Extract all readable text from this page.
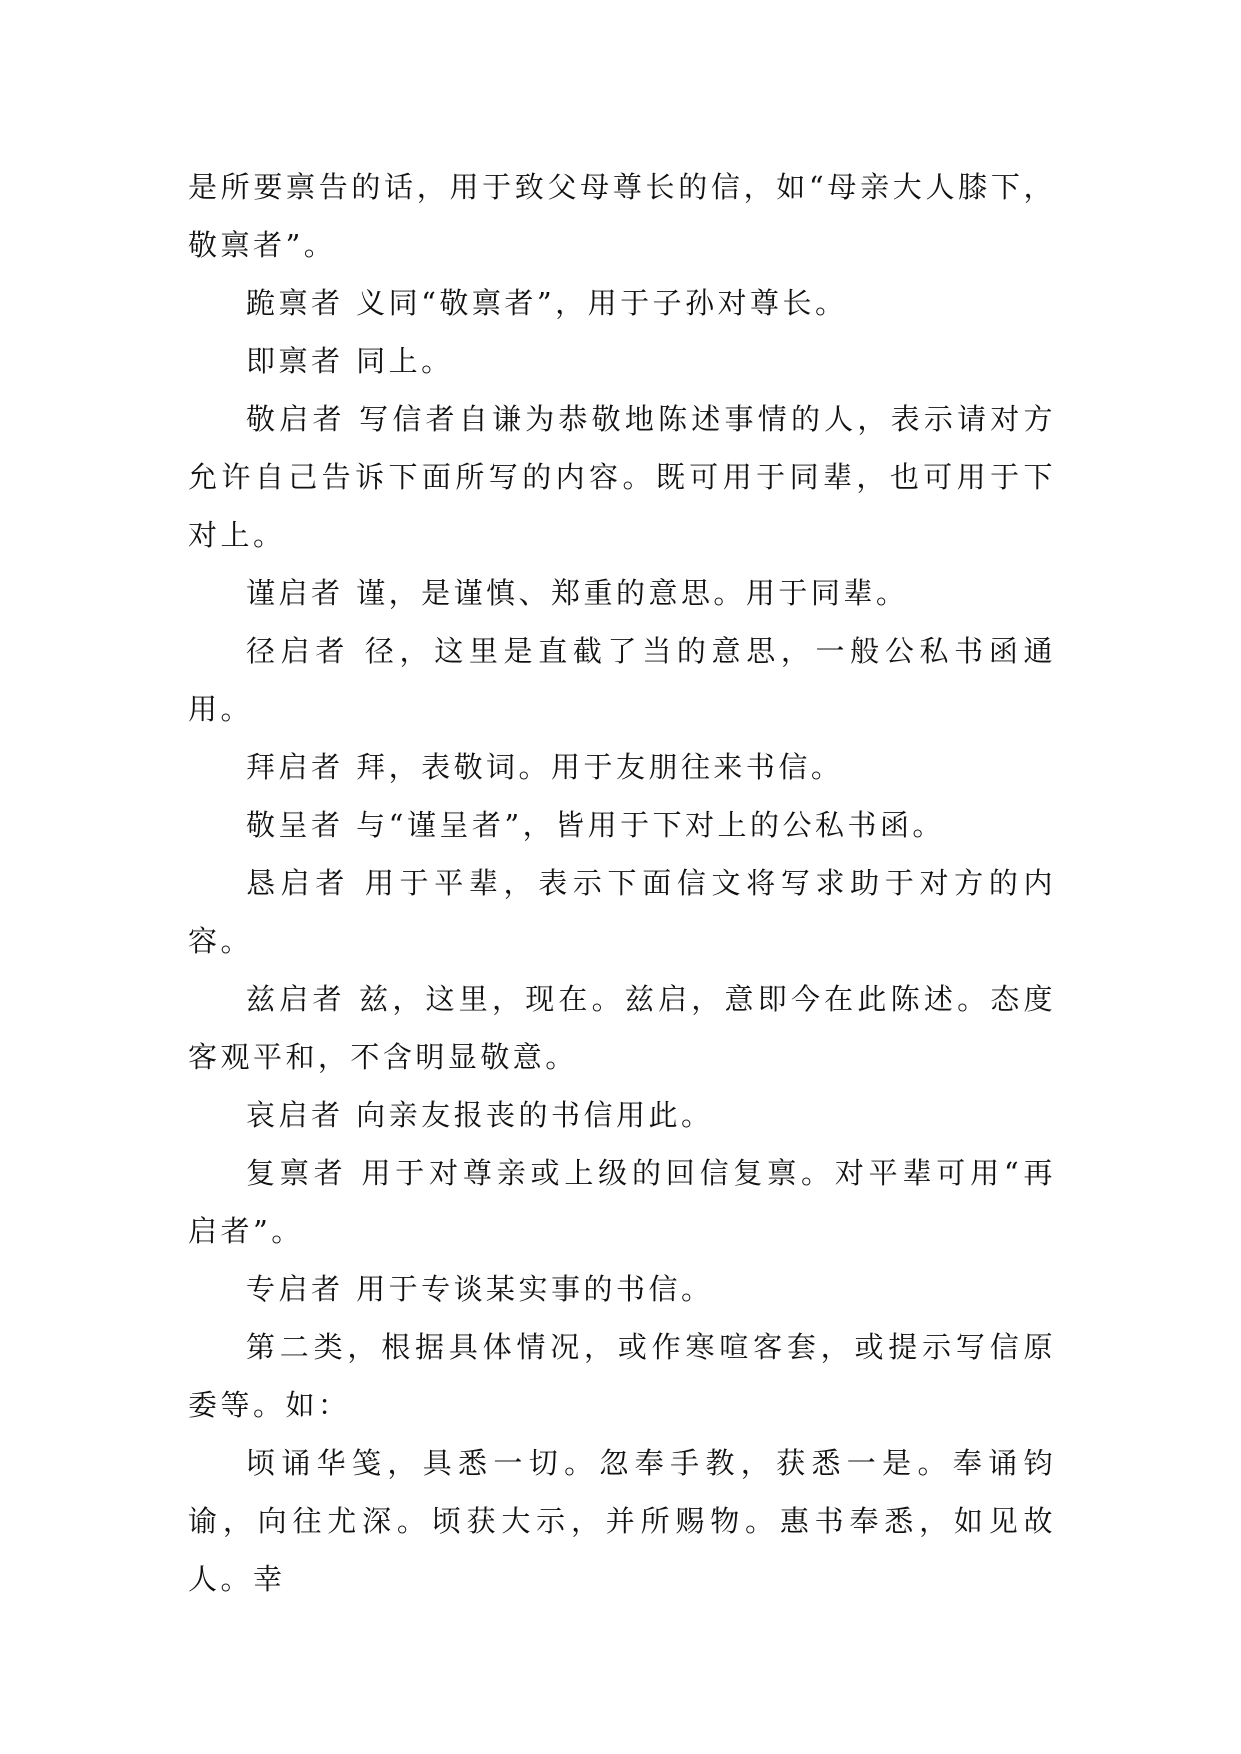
是所要禀告的话，用于致父母尊长的信，如“母亲大人膝下，敬禀者”。

跪禀者 义同“敬禀者”，用于子孙对尊长。

即禀者 同上。

敬启者 写信者自谦为恭敬地陈述事情的人，表示请对方允许自己告诉下面所写的内容。既可用于同辈，也可用于下对上。

谨启者 谨，是谨慎、郑重的意思。用于同辈。

径启者 径，这里是直截了当的意思，一般公私书函通用。

拜启者 拜，表敬词。用于友朋往来书信。

敬呈者 与“谨呈者”，皆用于下对上的公私书函。

恳启者 用于平辈，表示下面信文将写求助于对方的内容。

兹启者 兹，这里，现在。兹启，意即今在此陈述。态度客观平和，不含明显敬意。

哀启者 向亲友报丧的书信用此。

复禀者 用于对尊亲或上级的回信复禀。对平辈可用“再启者”。

专启者 用于专谈某实事的书信。

第二类，根据具体情况，或作寒喧客套，或提示写信原委等。如：

顷诵华笺，具悉一切。忽奉手教，获悉一是。奉诵钧谕，向往尤深。顷获大示，并所赐物。惠书奉悉，如见故人。幸
